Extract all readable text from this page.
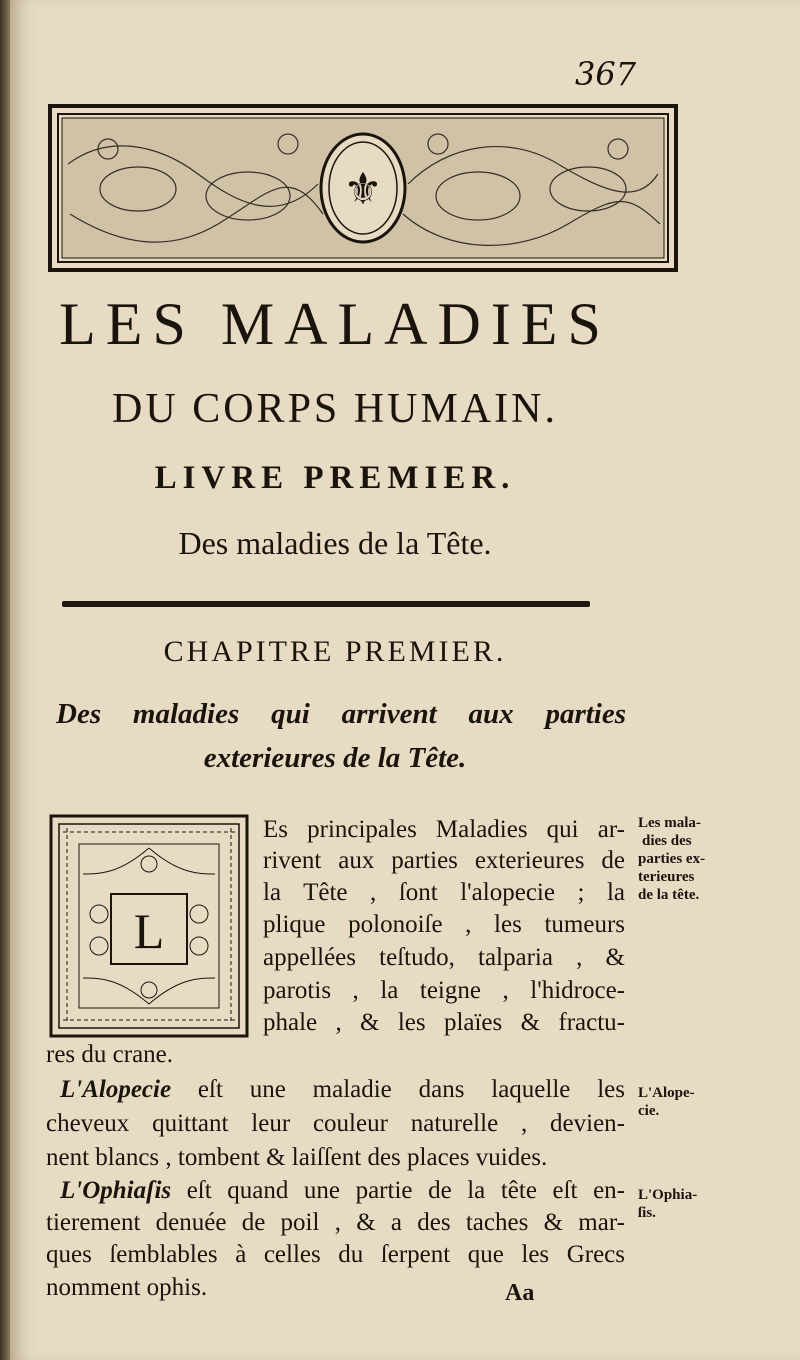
367
⚜
LES MALADIES
DU CORPS HUMAIN.
LIVRE PREMIER.
Des maladies de la Tête.
CHAPITRE PREMIER.
Des maladies qui arrivent aux parties
exterieures de la Tête.
L
Es principales Maladies qui ar-
rivent aux parties exterieures de
la Tête , ſont l'alopecie ; la
plique polonoiſe , les tumeurs
appellées teſtudo, talparia , &
parotis , la teigne , l'hidroce-
phale , & les plaïes & fractu-
res du crane.
L'Alopecie eſt une maladie dans laquelle les
cheveux quittant leur couleur naturelle , devien-
nent blancs , tombent & laiſſent des places vuides.
L'Ophiaſis eſt quand une partie de la tête eſt en-
tierement denuée de poil , & a des taches & mar-
ques ſemblables à celles du ſerpent que les Grecs
nomment ophis.	Aa
Les mala-
dies des
parties ex-
terieures
de la tête.
L'Alope-
cie.
L'Ophia-
ſis.
